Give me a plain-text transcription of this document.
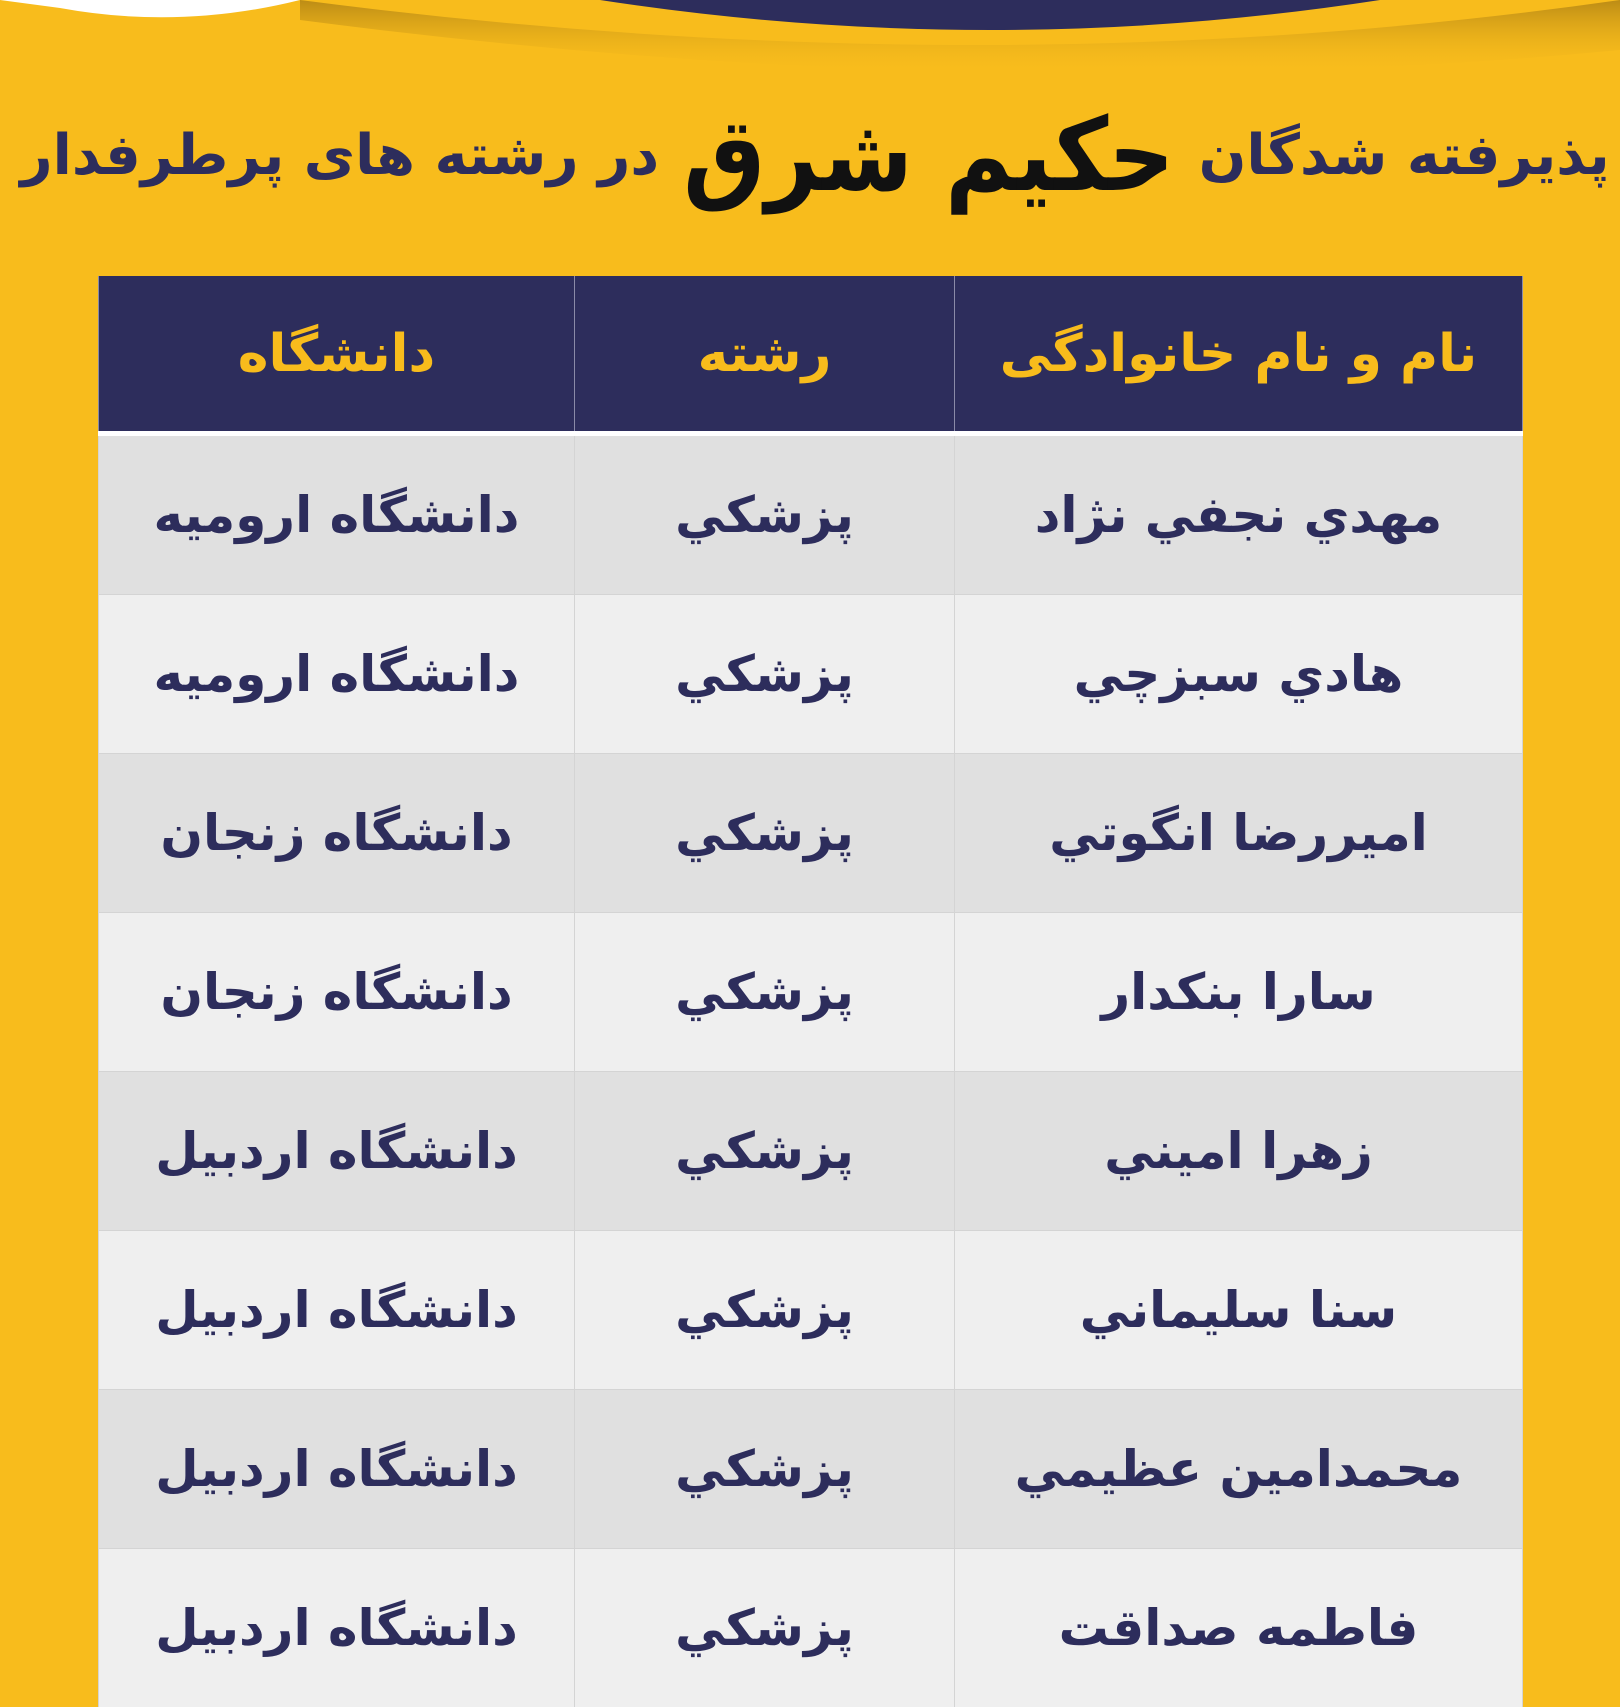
پذیرفته شدگان
حکیم شرق
در رشته های پرطرفدار
نام و نام خانوادگی	رشته	دانشگاه
مهدي نجفي نژاد	پزشكي	دانشگاه اروميه
هادي سبزچي	پزشكي	دانشگاه اروميه
اميررضا انگوتي	پزشكي	دانشگاه زنجان
سارا بنكدار	پزشكي	دانشگاه زنجان
زهرا اميني	پزشكي	دانشگاه اردبيل
سنا سليماني	پزشكي	دانشگاه اردبيل
محمدامين عظيمي	پزشكي	دانشگاه اردبيل
فاطمه صداقت	پزشكي	دانشگاه اردبيل
